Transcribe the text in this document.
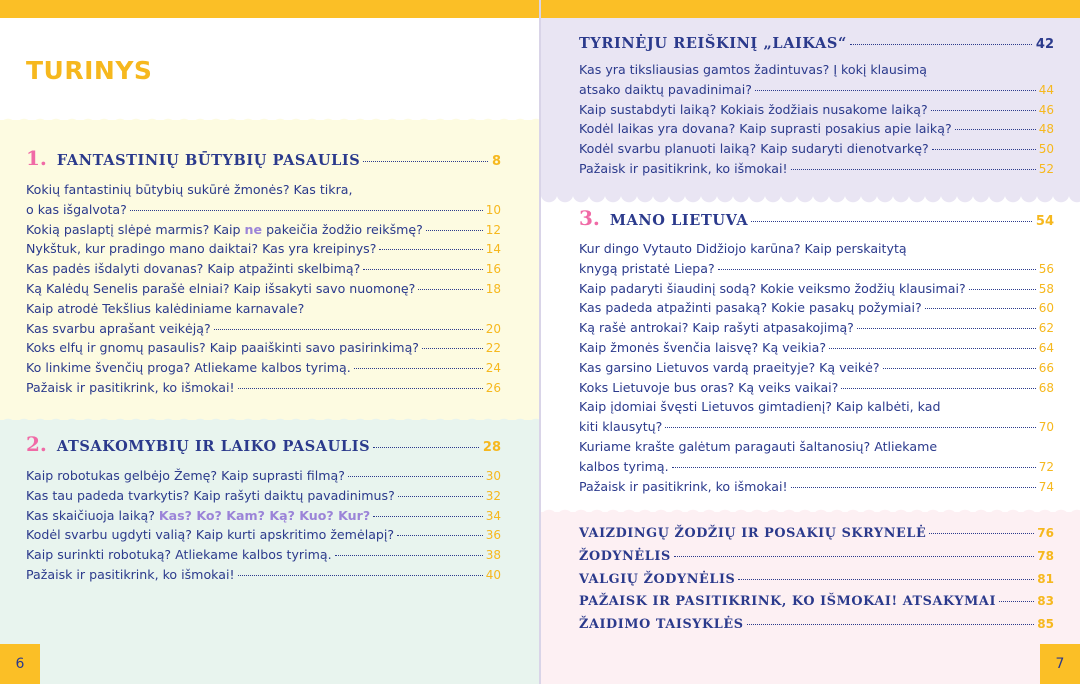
TURINYS
1. FANTASTINIŲ BŪTYBIŲ PASAULIS	8
Kokių fantastinių būtybių sukūrė žmonės? Kas tikra,
o kas išgalvota?	10
Kokią paslaptį slėpė marmis? Kaip ne pakeičia žodžio reikšmę?	12
Nykštuk, kur pradingo mano daiktai? Kas yra kreipinys?	14
Kas padės išdalyti dovanas? Kaip atpažinti skelbimą?	16
Ką Kalėdų Senelis parašė elniai? Kaip išsakyti savo nuomonę?	18
Kaip atrodė Tekšlius kalėdiniame karnavale?
Kas svarbu aprašant veikėją?	20
Koks elfų ir gnomų pasaulis? Kaip paaiškinti savo pasirinkimą?	22
Ko linkime švenčių proga? Atliekame kalbos tyrimą.	24
Pažaisk ir pasitikrink, ko išmokai!	26
2. ATSAKOMYBIŲ IR LAIKO PASAULIS	28
Kaip robotukas gelbėjo Žemę? Kaip suprasti filmą?	30
Kas tau padeda tvarkytis? Kaip rašyti daiktų pavadinimus?	32
Kas skaičiuoja laiką? Kas? Ko? Kam? Ką? Kuo? Kur?	34
Kodėl svarbu ugdyti valią? Kaip kurti apskritimo žemėlapį?	36
Kaip surinkti robotuką? Atliekame kalbos tyrimą.	38
Pažaisk ir pasitikrink, ko išmokai!	40
TYRINĖJU REIŠKINĮ „LAIKAS“	42
Kas yra tiksliausias gamtos žadintuvas? Į kokį klausimą
atsako daiktų pavadinimai?	44
Kaip sustabdyti laiką? Kokiais žodžiais nusakome laiką?	46
Kodėl laikas yra dovana? Kaip suprasti posakius apie laiką?	48
Kodėl svarbu planuoti laiką? Kaip sudaryti dienotvarkę?	50
Pažaisk ir pasitikrink, ko išmokai!	52
3. MANO LIETUVA	54
Kur dingo Vytauto Didžiojo karūna? Kaip perskaitytą
knygą pristatė Liepa?	56
Kaip padaryti šiaudinį sodą? Kokie veiksmo žodžių klausimai?	58
Kas padeda atpažinti pasaką? Kokie pasakų požymiai?	60
Ką rašė antrokai? Kaip rašyti atpasakojimą?	62
Kaip žmonės švenčia laisvę? Ką veikia?	64
Kas garsino Lietuvos vardą praeityje? Ką veikė?	66
Koks Lietuvoje bus oras? Ką veiks vaikai?	68
Kaip įdomiai švęsti Lietuvos gimtadienį? Kaip kalbėti, kad
kiti klausytų?	70
Kuriame krašte galėtum paragauti šaltanosių? Atliekame
kalbos tyrimą.	72
Pažaisk ir pasitikrink, ko išmokai!	74
VAIZDINGŲ ŽODŽIŲ IR POSAKIŲ SKRYNELĖ	76
ŽODYNĖLIS	78
VALGIŲ ŽODYNĖLIS	81
PAŽAISK IR PASITIKRINK, KO IŠMOKAI! ATSAKYMAI	83
ŽAIDIMO TAISYKLĖS	85
6	7
